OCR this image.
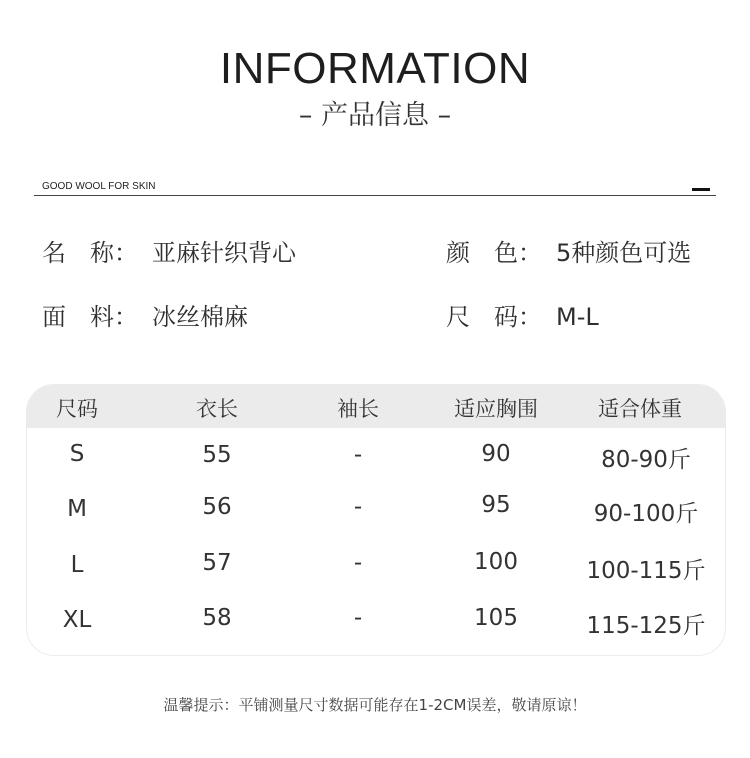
INFORMATION
– 产品信息 –
GOOD WOOL FOR SKIN
名　称： 亚麻针织背心	颜　色： 5种颜色可选
面　料： 冰丝棉麻	尺　码： M-L
尺码	衣长	袖长	适应胸围	适合体重
S	55	-	90	80-90斤
M	56	-	95	90-100斤
L	57	-	100	100-115斤
XL	58	-	105	115-125斤
温馨提示：平铺测量尺寸数据可能存在1-2CM误差，敬请原谅！
